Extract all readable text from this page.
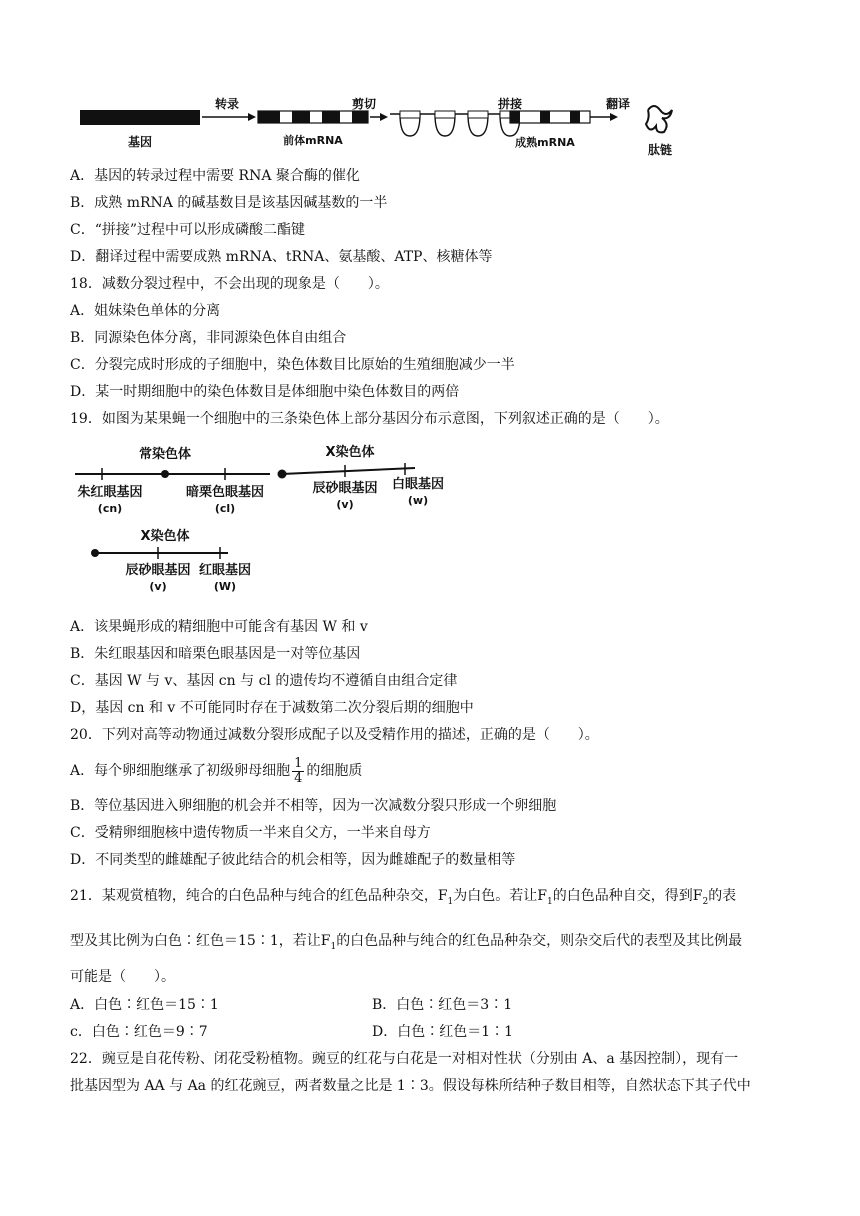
基因
转录
前体mRNA
剪切	拼接
成熟mRNA
翻译
肽链
A．基因的转录过程中需要 RNA 聚合酶的催化
B．成熟 mRNA 的碱基数目是该基因碱基数的一半
C．“拼接”过程中可以形成磷酸二酯键
D．翻译过程中需要成熟 mRNA、tRNA、氨基酸、ATP、核糖体等
18．减数分裂过程中，不会出现的现象是（　　）。
A．姐妹染色单体的分离
B．同源染色体分离，非同源染色体自由组合
C．分裂完成时形成的子细胞中，染色体数目比原始的生殖细胞减少一半
D．某一时期细胞中的染色体数目是体细胞中染色体数目的两倍
19．如图为某果蝇一个细胞中的三条染色体上部分基因分布示意图，下列叙述正确的是（　　）。
常染色体
朱红眼基因
(cn)
暗栗色眼基因
(cl)
X染色体
辰砂眼基因
(v)
白眼基因
(w)
X染色体
辰砂眼基因
(v)
红眼基因
(W)
A．该果蝇形成的精细胞中可能含有基因 W 和 v
B．朱红眼基因和暗栗色眼基因是一对等位基因
C．基因 W 与 v、基因 cn 与 cl 的遗传均不遵循自由组合定律
D，基因 cn 和 v 不可能同时存在于减数第二次分裂后期的细胞中
20．下列对高等动物通过减数分裂形成配子以及受精作用的描述，正确的是（　　）。
A．每个卵细胞继承了初级卵母细胞 $\frac{1}{4}$ 的细胞质
B．等位基因进入卵细胞的机会并不相等，因为一次减数分裂只形成一个卵细胞
C．受精卵细胞核中遗传物质一半来自父方，一半来自母方
D．不同类型的雌雄配子彼此结合的机会相等，因为雌雄配子的数量相等
21．某观赏植物，纯合的白色品种与纯合的红色品种杂交，$F_1$为白色。若让$F_1$的白色品种自交，得到$F_2$的表
型及其比例为白色∶红色＝15∶1，若让$F_1$的白色品种与纯合的红色品种杂交，则杂交后代的表型及其比例最
可能是（　　）。
A．白色∶红色＝15∶1	B．白色∶红色＝3∶1
c．白色∶红色＝9∶7	D．白色∶红色＝1∶1
22．豌豆是自花传粉、闭花受粉植物。豌豆的红花与白花是一对相对性状（分别由 A、a 基因控制），现有一
批基因型为 AA 与 Aa 的红花豌豆，两者数量之比是 1∶3。假设每株所结种子数目相等，自然状态下其子代中
